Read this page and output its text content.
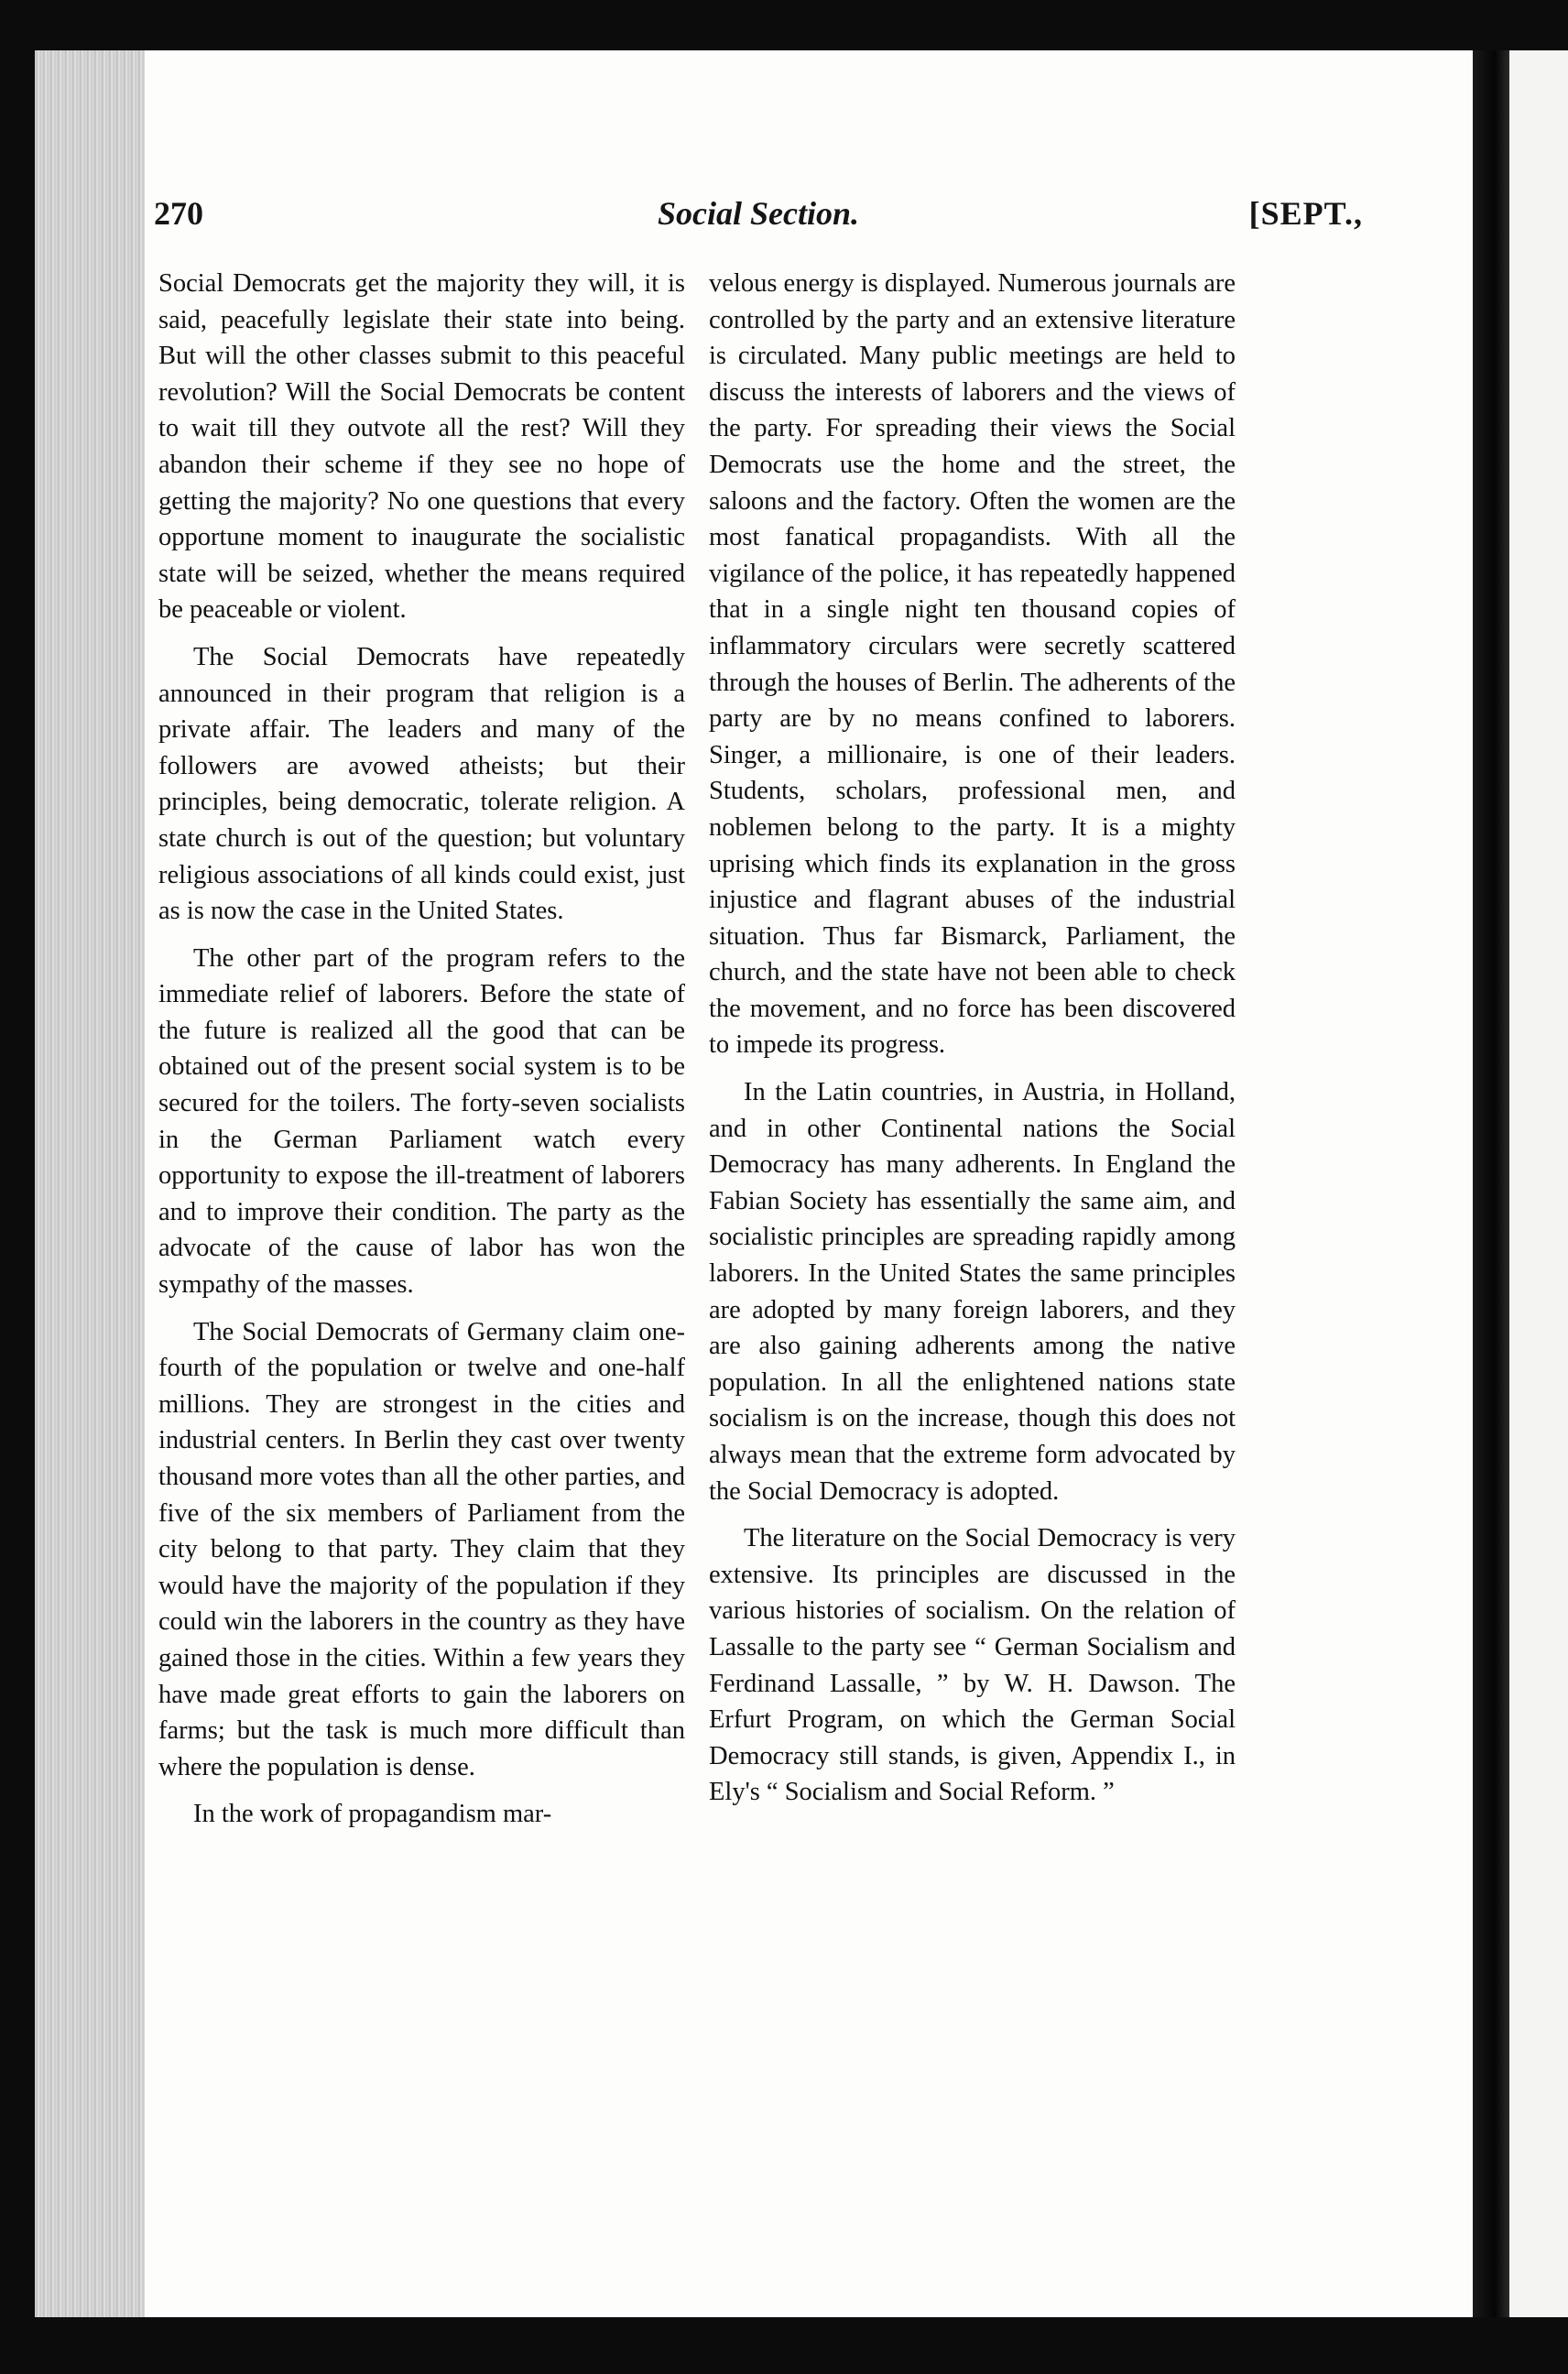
270	Social Section.	[SEPT.,

Social Democrats get the majority they will, it is said, peacefully legislate their state into being. But will the other classes submit to this peaceful revolution? Will the Social Democrats be content to wait till they outvote all the rest? Will they abandon their scheme if they see no hope of getting the majority? No one questions that every opportune moment to inaugurate the socialistic state will be seized, whether the means required be peaceable or violent.

The Social Democrats have repeatedly announced in their program that religion is a private affair. The leaders and many of the followers are avowed atheists; but their principles, being democratic, tolerate religion. A state church is out of the question; but voluntary religious associations of all kinds could exist, just as is now the case in the United States.

The other part of the program refers to the immediate relief of laborers. Before the state of the future is realized all the good that can be obtained out of the present social system is to be secured for the toilers. The forty-seven socialists in the German Parliament watch every opportunity to expose the ill-treatment of laborers and to improve their condition. The party as the advocate of the cause of labor has won the sympathy of the masses.

The Social Democrats of Germany claim one-fourth of the population or twelve and one-half millions. They are strongest in the cities and industrial centers. In Berlin they cast over twenty thousand more votes than all the other parties, and five of the six members of Parliament from the city belong to that party. They claim that they would have the majority of the population if they could win the laborers in the country as they have gained those in the cities. Within a few years they have made great efforts to gain the laborers on farms; but the task is much more difficult than where the population is dense.

In the work of propagandism mar-

velous energy is displayed. Numerous journals are controlled by the party and an extensive literature is circulated. Many public meetings are held to discuss the interests of laborers and the views of the party. For spreading their views the Social Democrats use the home and the street, the saloons and the factory. Often the women are the most fanatical propagandists. With all the vigilance of the police, it has repeatedly happened that in a single night ten thousand copies of inflammatory circulars were secretly scattered through the houses of Berlin. The adherents of the party are by no means confined to laborers. Singer, a millionaire, is one of their leaders. Students, scholars, professional men, and noblemen belong to the party. It is a mighty uprising which finds its explanation in the gross injustice and flagrant abuses of the industrial situation. Thus far Bismarck, Parliament, the church, and the state have not been able to check the movement, and no force has been discovered to impede its progress.

In the Latin countries, in Austria, in Holland, and in other Continental nations the Social Democracy has many adherents. In England the Fabian Society has essentially the same aim, and socialistic principles are spreading rapidly among laborers. In the United States the same principles are adopted by many foreign laborers, and they are also gaining adherents among the native population. In all the enlightened nations state socialism is on the increase, though this does not always mean that the extreme form advocated by the Social Democracy is adopted.

The literature on the Social Democracy is very extensive. Its principles are discussed in the various histories of socialism. On the relation of Lassalle to the party see “ German Socialism and Ferdinand Lassalle, ” by W. H. Dawson. The Erfurt Program, on which the German Social Democracy still stands, is given, Appendix I., in Ely's “ Socialism and Social Reform. ”
